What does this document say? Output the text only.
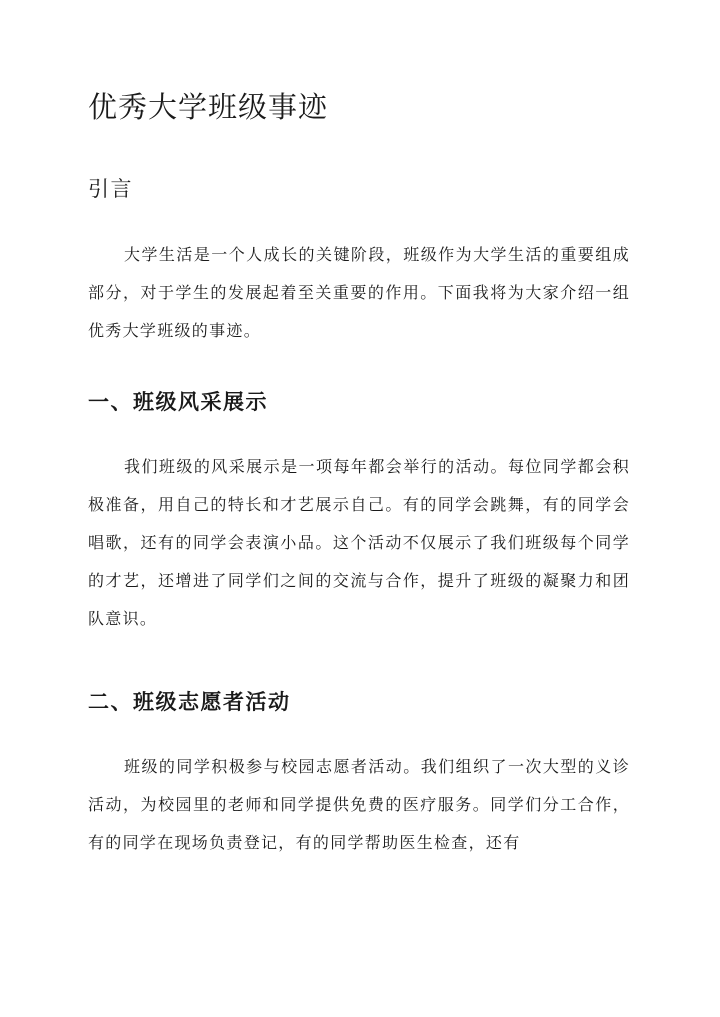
优秀大学班级事迹
引言

大学生活是一个人成长的关键阶段，班级作为大学生活的重要组成部分，对于学生的发展起着至关重要的作用。下面我将为大家介绍一组优秀大学班级的事迹。

一、班级风采展示

我们班级的风采展示是一项每年都会举行的活动。每位同学都会积极准备，用自己的特长和才艺展示自己。有的同学会跳舞，有的同学会唱歌，还有的同学会表演小品。这个活动不仅展示了我们班级每个同学的才艺，还增进了同学们之间的交流与合作，提升了班级的凝聚力和团队意识。

二、班级志愿者活动

班级的同学积极参与校园志愿者活动。我们组织了一次大型的义诊活动，为校园里的老师和同学提供免费的医疗服务。同学们分工合作，有的同学在现场负责登记，有的同学帮助医生检查，还有
